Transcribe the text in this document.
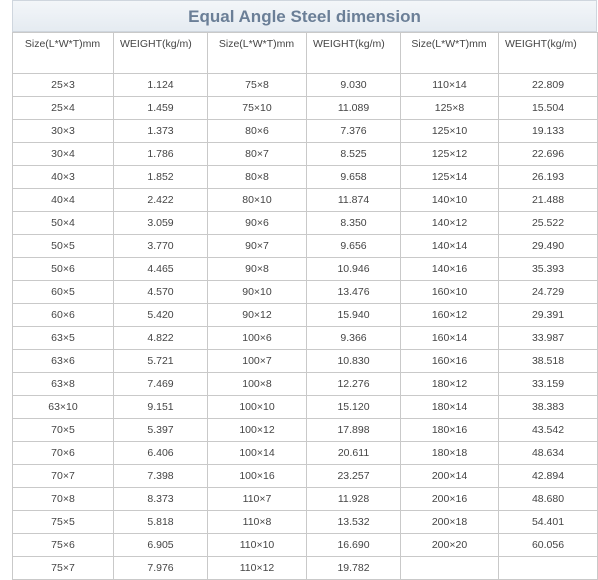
Equal Angle Steel dimension
Size(L*W*T)mm	WEIGHT(kg/m)	Size(L*W*T)mm	WEIGHT(kg/m)	Size(L*W*T)mm	WEIGHT(kg/m)
25×3	1.124	75×8	9.030	110×14	22.809
25×4	1.459	75×10	11.089	125×8	15.504
30×3	1.373	80×6	7.376	125×10	19.133
30×4	1.786	80×7	8.525	125×12	22.696
40×3	1.852	80×8	9.658	125×14	26.193
40×4	2.422	80×10	11.874	140×10	21.488
50×4	3.059	90×6	8.350	140×12	25.522
50×5	3.770	90×7	9.656	140×14	29.490
50×6	4.465	90×8	10.946	140×16	35.393
60×5	4.570	90×10	13.476	160×10	24.729
60×6	5.420	90×12	15.940	160×12	29.391
63×5	4.822	100×6	9.366	160×14	33.987
63×6	5.721	100×7	10.830	160×16	38.518
63×8	7.469	100×8	12.276	180×12	33.159
63×10	9.151	100×10	15.120	180×14	38.383
70×5	5.397	100×12	17.898	180×16	43.542
70×6	6.406	100×14	20.611	180×18	48.634
70×7	7.398	100×16	23.257	200×14	42.894
70×8	8.373	110×7	11.928	200×16	48.680
75×5	5.818	110×8	13.532	200×18	54.401
75×6	6.905	110×10	16.690	200×20	60.056
75×7	7.976	110×12	19.782		
